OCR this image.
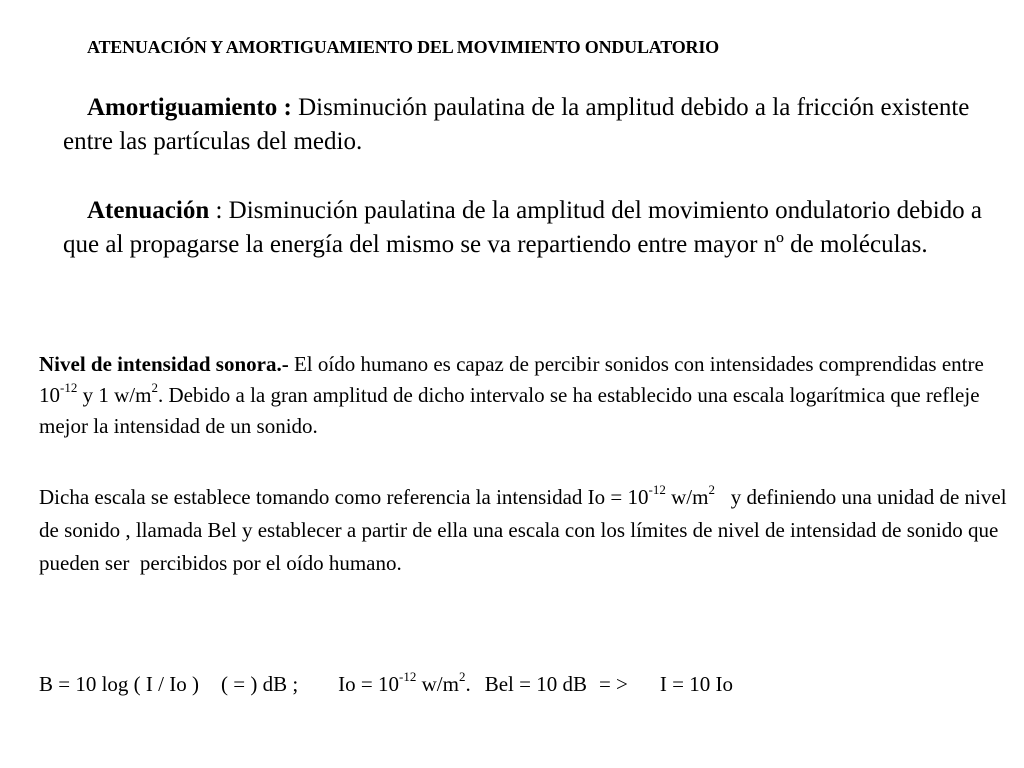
ATENUACIÓN Y AMORTIGUAMIENTO DEL MOVIMIENTO ONDULATORIO

Amortiguamiento : Disminución paulatina de la amplitud debido a la fricción existente entre las partículas del medio.

Atenuación : Disminución paulatina de la amplitud del movimiento ondulatorio debido a que al propagarse la energía del mismo se va repartiendo entre mayor nº de moléculas.

Nivel de intensidad sonora.- El oído humano es capaz de percibir sonidos con intensidades comprendidas entre $10^{-12}$ y 1 $w/m^2$. Debido a la gran amplitud de dicho intervalo se ha establecido una escala logarítmica que refleje mejor la intensidad de un sonido.

Dicha escala se establece tomando como referencia la intensidad $Io = 10^{-12}$ $w/m^2$   y definiendo una unidad de nivel de sonido , llamada Bel y establecer a partir de ella una escala con los límites de nivel de intensidad de sonido que pueden ser  percibidos por el oído humano.

B = 10 log ( I / Io ) ( = ) dB ; $Io = 10^{-12}$ $w/m^2$. Bel = 10 dB = > I = 10 Io
